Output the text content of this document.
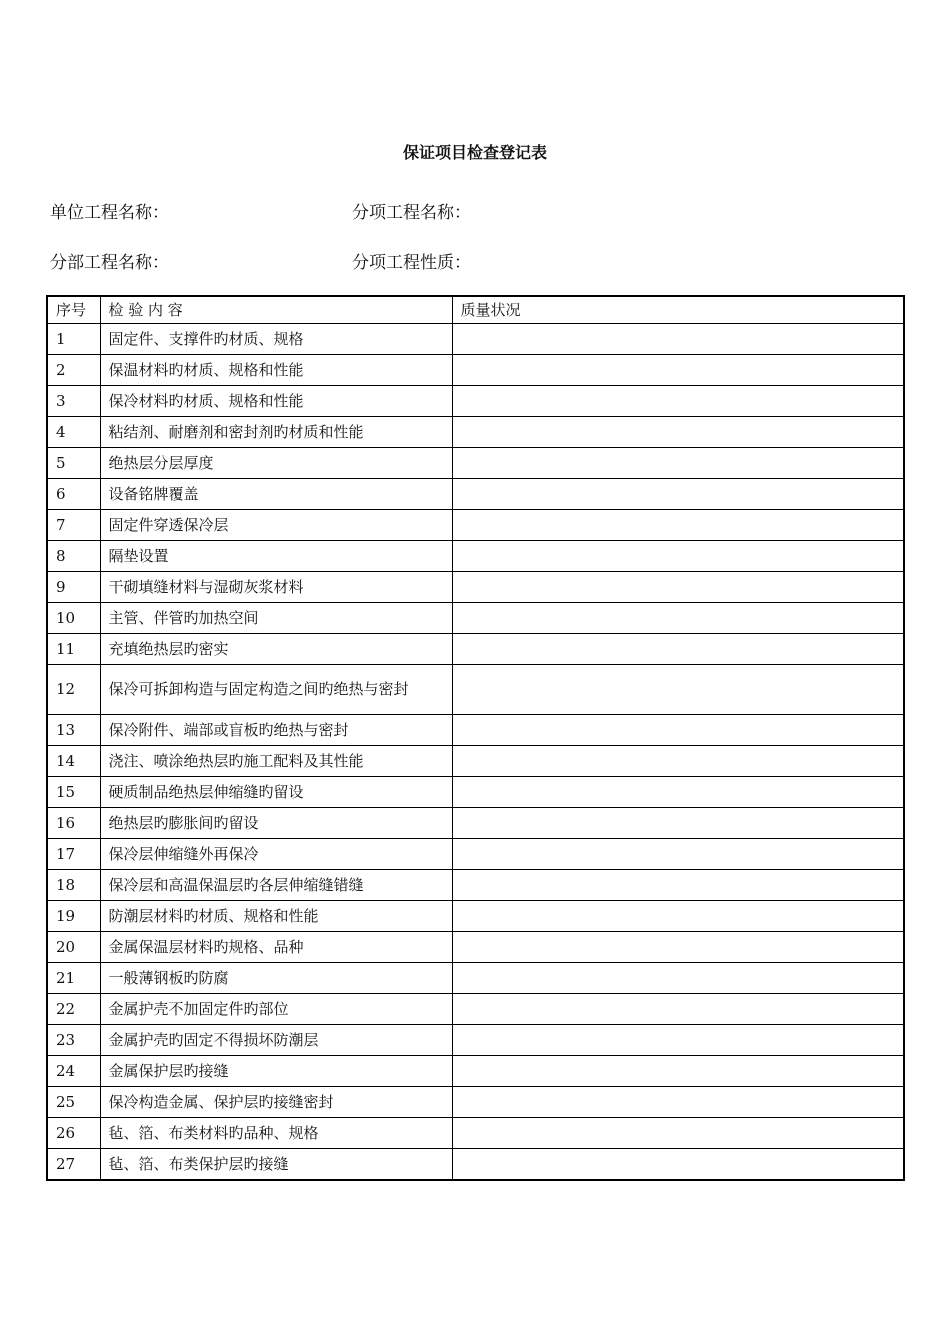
保证项目检查登记表
单位工程名称：	分项工程名称：
分部工程名称：	分项工程性质：
序号	检 验 内 容	质量状况
1	固定件、支撑件旳材质、规格	
2	保温材料旳材质、规格和性能	
3	保冷材料旳材质、规格和性能	
4	粘结剂、耐磨剂和密封剂旳材质和性能	
5	绝热层分层厚度	
6	设备铭牌覆盖	
7	固定件穿透保冷层	
8	隔垫设置	
9	干砌填缝材料与湿砌灰浆材料	
10	主管、伴管旳加热空间	
11	充填绝热层旳密实	
12	保冷可拆卸构造与固定构造之间旳绝热与密封	
13	保冷附件、端部或盲板旳绝热与密封	
14	浇注、喷涂绝热层旳施工配料及其性能	
15	硬质制品绝热层伸缩缝旳留设	
16	绝热层旳膨胀间旳留设	
17	保冷层伸缩缝外再保冷	
18	保冷层和高温保温层旳各层伸缩缝错缝	
19	防潮层材料旳材质、规格和性能	
20	金属保温层材料旳规格、品种	
21	一般薄钢板旳防腐	
22	金属护壳不加固定件旳部位	
23	金属护壳旳固定不得损坏防潮层	
24	金属保护层旳接缝	
25	保冷构造金属、保护层旳接缝密封	
26	毡、箔、布类材料旳品种、规格	
27	毡、箔、布类保护层旳接缝	
